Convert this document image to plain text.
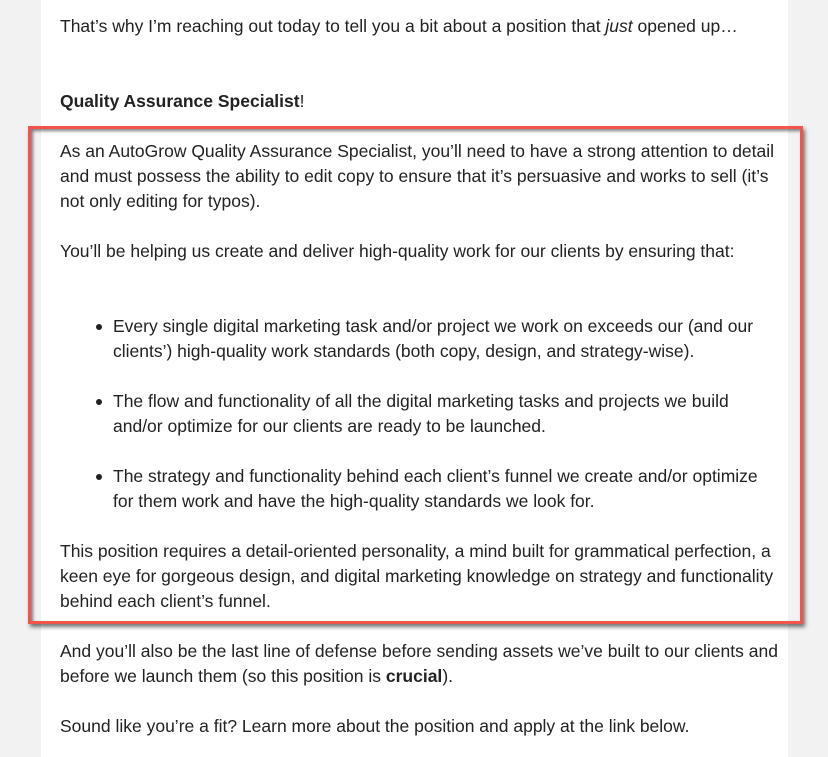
That’s why I’m reaching out today to tell you a bit about a position that just opened up…

Quality Assurance Specialist!

As an AutoGrow Quality Assurance Specialist, you’ll need to have a strong attention to detail and must possess the ability to edit copy to ensure that it’s persuasive and works to sell (it’s not only editing for typos).

You’ll be helping us create and deliver high-quality work for our clients by ensuring that:

Every single digital marketing task and/or project we work on exceeds our (and our clients’) high-quality work standards (both copy, design, and strategy-wise).
The flow and functionality of all the digital marketing tasks and projects we build and/or optimize for our clients are ready to be launched.
The strategy and functionality behind each client’s funnel we create and/or optimize for them work and have the high-quality standards we look for.

This position requires a detail-oriented personality, a mind built for grammatical perfection, a keen eye for gorgeous design, and digital marketing knowledge on strategy and functionality behind each client’s funnel.

And you’ll also be the last line of defense before sending assets we’ve built to our clients and before we launch them (so this position is crucial).

Sound like you’re a fit? Learn more about the position and apply at the link below.
